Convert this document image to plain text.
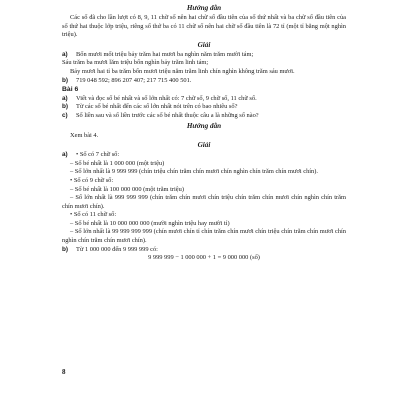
Hướng dẫn

Các số đã cho lần lượt có 8, 9, 11 chữ số nên hai chữ số đầu tiên của số thứ nhất và ba chữ số đầu tiên của số thứ hai thuộc lớp triệu, riêng số thứ ba có 11 chữ số nên hai chữ số đầu tiên là 72 tỉ (một tỉ bằng một nghìn triệu).

Giải
a)	Bốn mươi mốt triệu bảy trăm hai mươi ba nghìn năm trăm mười tám;

Sáu trăm ba mươi lăm triệu bốn nghìn bảy trăm linh tám;

Bảy mươi hai tỉ ba trăm bốn mươi triệu năm trăm linh chín nghìn không trăm sáu mươi.

b)	719 048 592; 896 207 407; 217 715 400 501.
Bài 6
a)	Viết và đọc số bé nhất và số lớn nhất có: 7 chữ số, 9 chữ số, 11 chữ số.
b)	Từ các số bé nhất đến các số lớn nhất nói trên có bao nhiêu số?
c)	Số liền sau và số liền trước các số bé nhất thuộc câu a là những số nào?
Hướng dẫn

Xem bài 4.

Giải
a)	• Số có 7 chữ số:

– Số bé nhất là 1 000 000 (một triệu)

– Số lớn nhất là 9 999 999 (chín triệu chín trăm chín mươi chín nghìn chín trăm chín mươi chín).

• Số có 9 chữ số:

– Số bé nhất là 100 000 000 (một trăm triệu)

– Số lớn nhất là 999 999 999 (chín trăm chín mươi chín triệu chín trăm chín mươi chín nghìn chín trăm chín mươi chín).

• Số có 11 chữ số:

– Số bé nhất là 10 000 000 000 (mười nghìn triệu hay mười tỉ)

– Số lớn nhất là 99 999 999 999 (chín mươi chín tỉ chín trăm chín mươi chín triệu chín trăm chín mươi chín nghìn chín trăm chín mươi chín).

b)	Từ 1 000 000 đến 9 999 999 có:

9 999 999 − 1 000 000 + 1 = 9 000 000 (số)

8
